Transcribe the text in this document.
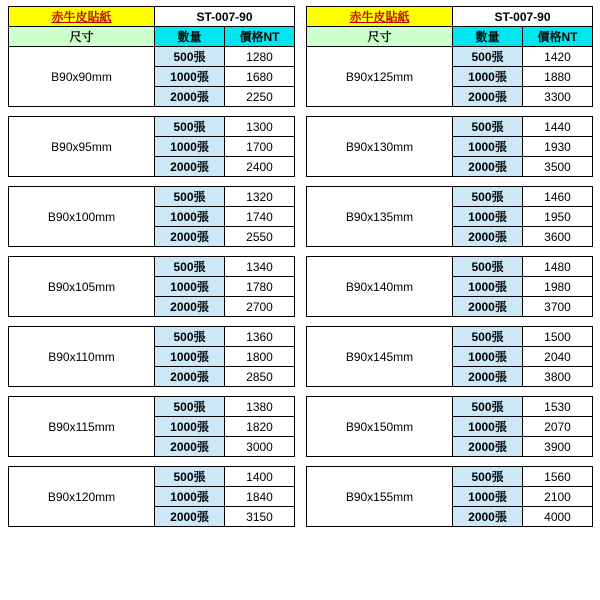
赤牛皮貼紙	ST-007-90	
尺寸	數量	價格NT
B90x90mm	500張	1280
	1000張	1680
	2000張	2250
B90x95mm	500張	1300
	1000張	1700
	2000張	2400
B90x100mm	500張	1320
	1000張	1740
	2000張	2550
B90x105mm	500張	1340
	1000張	1780
	2000張	2700
B90x110mm	500張	1360
	1000張	1800
	2000張	2850
B90x115mm	500張	1380
	1000張	1820
	2000張	3000
B90x120mm	500張	1400
	1000張	1840
	2000張	3150
赤牛皮貼紙	ST-007-90	
尺寸	數量	價格NT
B90x125mm	500張	1420
	1000張	1880
	2000張	3300
B90x130mm	500張	1440
	1000張	1930
	2000張	3500
B90x135mm	500張	1460
	1000張	1950
	2000張	3600
B90x140mm	500張	1480
	1000張	1980
	2000張	3700
B90x145mm	500張	1500
	1000張	2040
	2000張	3800
B90x150mm	500張	1530
	1000張	2070
	2000張	3900
B90x155mm	500張	1560
	1000張	2100
	2000張	4000
